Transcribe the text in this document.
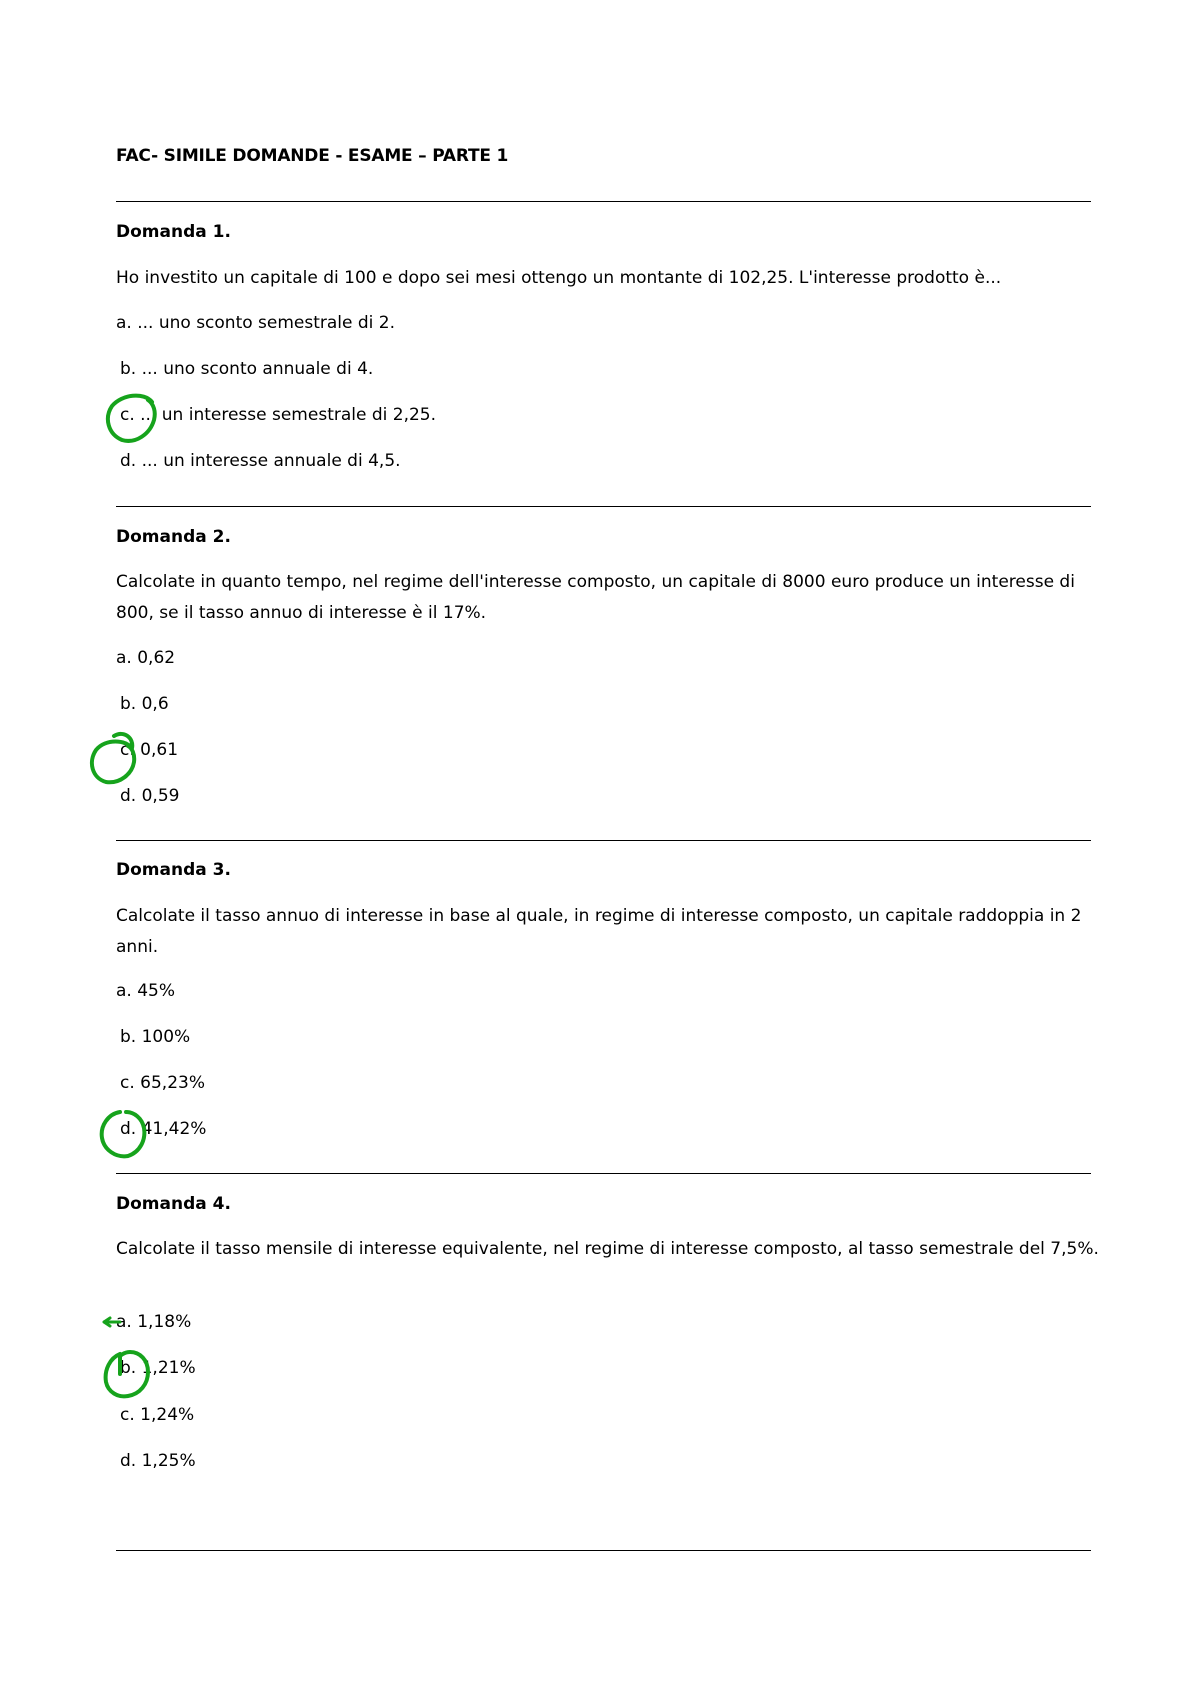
FAC- SIMILE DOMANDE - ESAME – PARTE 1
Domanda 1.
Ho investito un capitale di 100 e dopo sei mesi ottengo un montante di 102,25. L'interesse prodotto è...
a. ... uno sconto semestrale di 2.
b. ... uno sconto annuale di 4.
c. ... un interesse semestrale di 2,25.
d. ... un interesse annuale di 4,5.
Domanda 2.
Calcolate in quanto tempo, nel regime dell'interesse composto, un capitale di 8000 euro produce un interesse di 800, se il tasso annuo di interesse è il 17%.
a. 0,62
b. 0,6
c. 0,61
d. 0,59
Domanda 3.
Calcolate il tasso annuo di interesse in base al quale, in regime di interesse composto, un capitale raddoppia in 2 anni.
a. 45%
b. 100%
c. 65,23%
d. 41,42%
Domanda 4.
Calcolate il tasso mensile di interesse equivalente, nel regime di interesse composto, al tasso semestrale del 7,5%.
a. 1,18%
b. 1,21%
c. 1,24%
d. 1,25%
